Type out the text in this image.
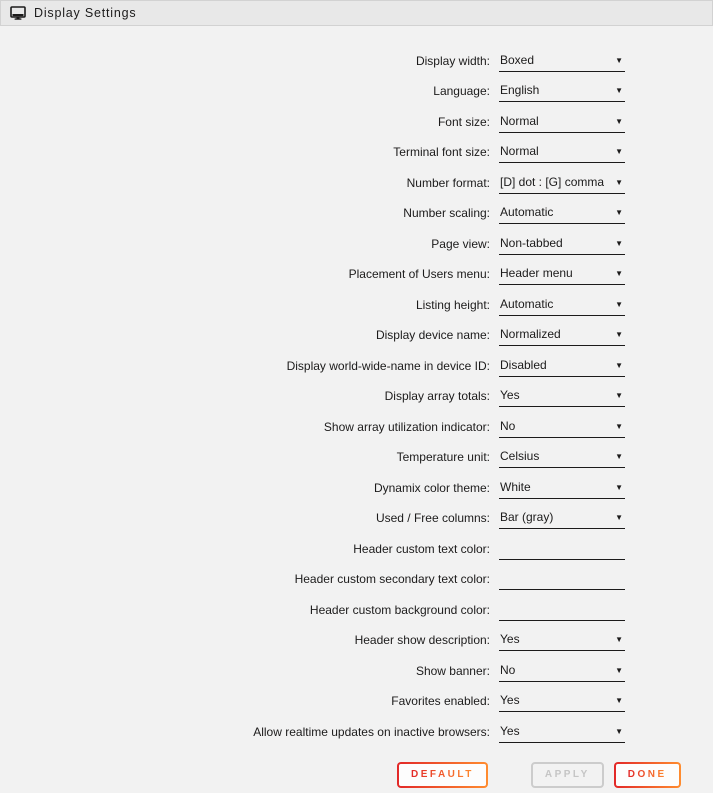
Display Settings
Display width: Boxed	▼
Language: English	▼
Font size: Normal	▼
Terminal font size: Normal	▼
Number format: [D] dot : [G] comma ▼
Number scaling: Automatic	▼
Page view: Non-tabbed	▼
Placement of Users menu: Header menu	▼
Listing height: Automatic	▼
Display device name: Normalized	▼
Display world-wide-name in device ID: Disabled	▼
Display array totals: Yes	▼
Show array utilization indicator: No	▼
Temperature unit: Celsius	▼
Dynamix color theme: White	▼
Used / Free columns: Bar (gray)	▼
Header custom text color:
Header custom secondary text color:
Header custom background color:
Header show description: Yes	▼
Show banner: No	▼
Favorites enabled: Yes	▼
Allow realtime updates on inactive browsers: Yes	▼
DEFAULT	APPLY	DONE
